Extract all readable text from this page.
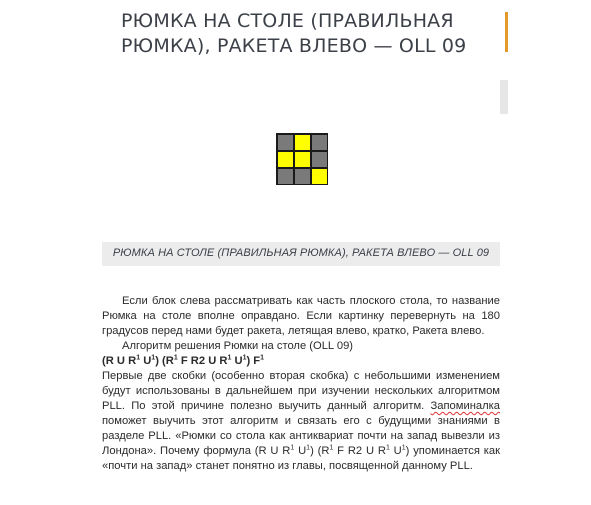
РЮМКА НА СТОЛЕ (ПРАВИЛЬНАЯ РЮМКА), РАКЕТА ВЛЕВО — OLL 09
РЮМКА НА СТОЛЕ (ПРАВИЛЬНАЯ РЮМКА), РАКЕТА ВЛЕВО — OLL 09

Если блок слева рассматривать как часть плоского стола, то название Рюмка на столе вполне оправдано. Если картинку перевернуть на 180 градусов перед нами будет ракета, летящая влево, кратко, Ракета влево.

Алгоритм решения Рюмки на столе (OLL 09)

(R U $R^1$ $U^1$) ($R^1$ F R2 U $R^1$ $U^1$) $F^1$

Первые две скобки (особенно вторая скобка) с небольшими изменением будут использованы в дальнейшем при изучении нескольких алгоритмом PLL. По этой причине полезно выучить данный алгоритм. Запоминалка поможет выучить этот алгоритм и связать его с будущими знаниями в разделе PLL. «Рюмки со стола как антиквариат почти на запад вывезли из Лондона». Почему формула (R U $R^1$ $U^1$) ($R^1$ F R2 U $R^1$ $U^1$) упоминается как «почти на запад» станет понятно из главы, посвященной данному PLL.
